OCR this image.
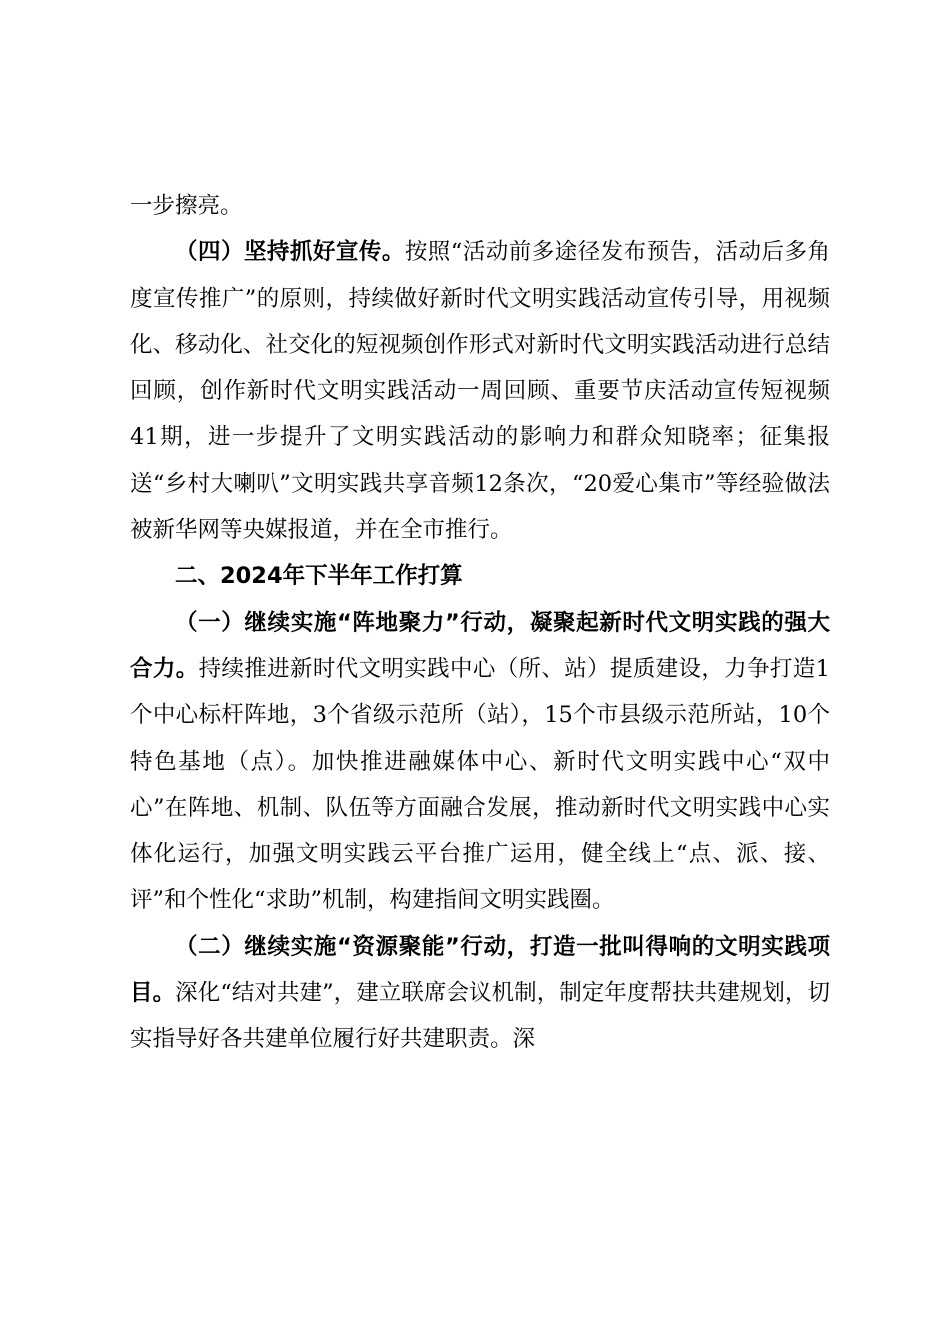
一步擦亮。

（四）坚持抓好宣传。按照“活动前多途径发布预告，活动后多角度宣传推广”的原则，持续做好新时代文明实践活动宣传引导，用视频化、移动化、社交化的短视频创作形式对新时代文明实践活动进行总结回顾，创作新时代文明实践活动一周回顾、重要节庆活动宣传短视频41期，进一步提升了文明实践活动的影响力和群众知晓率；征集报送“乡村大喇叭”文明实践共享音频12条次，“20爱心集市”等经验做法被新华网等央媒报道，并在全市推行。

二、2024年下半年工作打算

（一）继续实施“阵地聚力”行动，凝聚起新时代文明实践的强大合力。持续推进新时代文明实践中心（所、站）提质建设，力争打造1个中心标杆阵地，3个省级示范所（站），15个市县级示范所站，10个特色基地（点）。加快推进融媒体中心、新时代文明实践中心“双中心”在阵地、机制、队伍等方面融合发展，推动新时代文明实践中心实体化运行，加强文明实践云平台推广运用，健全线上“点、派、接、评”和个性化“求助”机制，构建指间文明实践圈。

（二）继续实施“资源聚能”行动，打造一批叫得响的文明实践项目。深化“结对共建”，建立联席会议机制，制定年度帮扶共建规划，切实指导好各共建单位履行好共建职责。深
